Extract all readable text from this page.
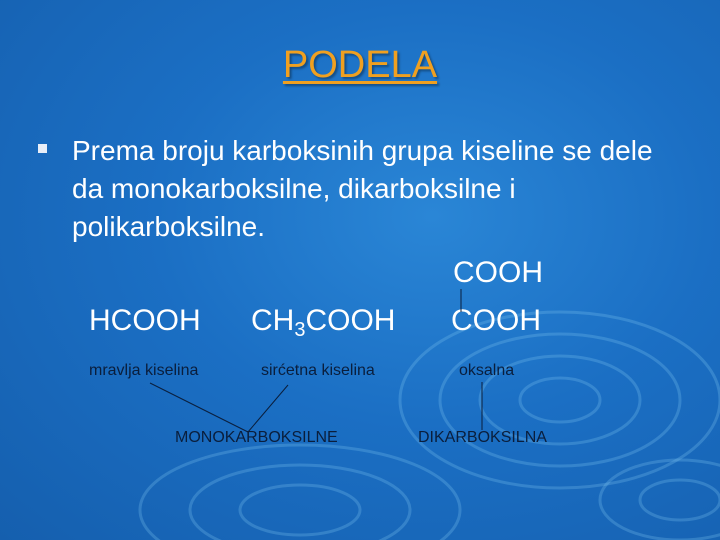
PODELA
Prema broju karboksinih grupa kiseline se dele da monokarboksilne, dikarboksilne i polikarboksilne.
HCOOH $CH_3COOH$
COOH
COOH
mravlja kiselina	sirćetna kiselina	oksalna
MONOKARBOKSILNE	DIKARBOKSILNA
